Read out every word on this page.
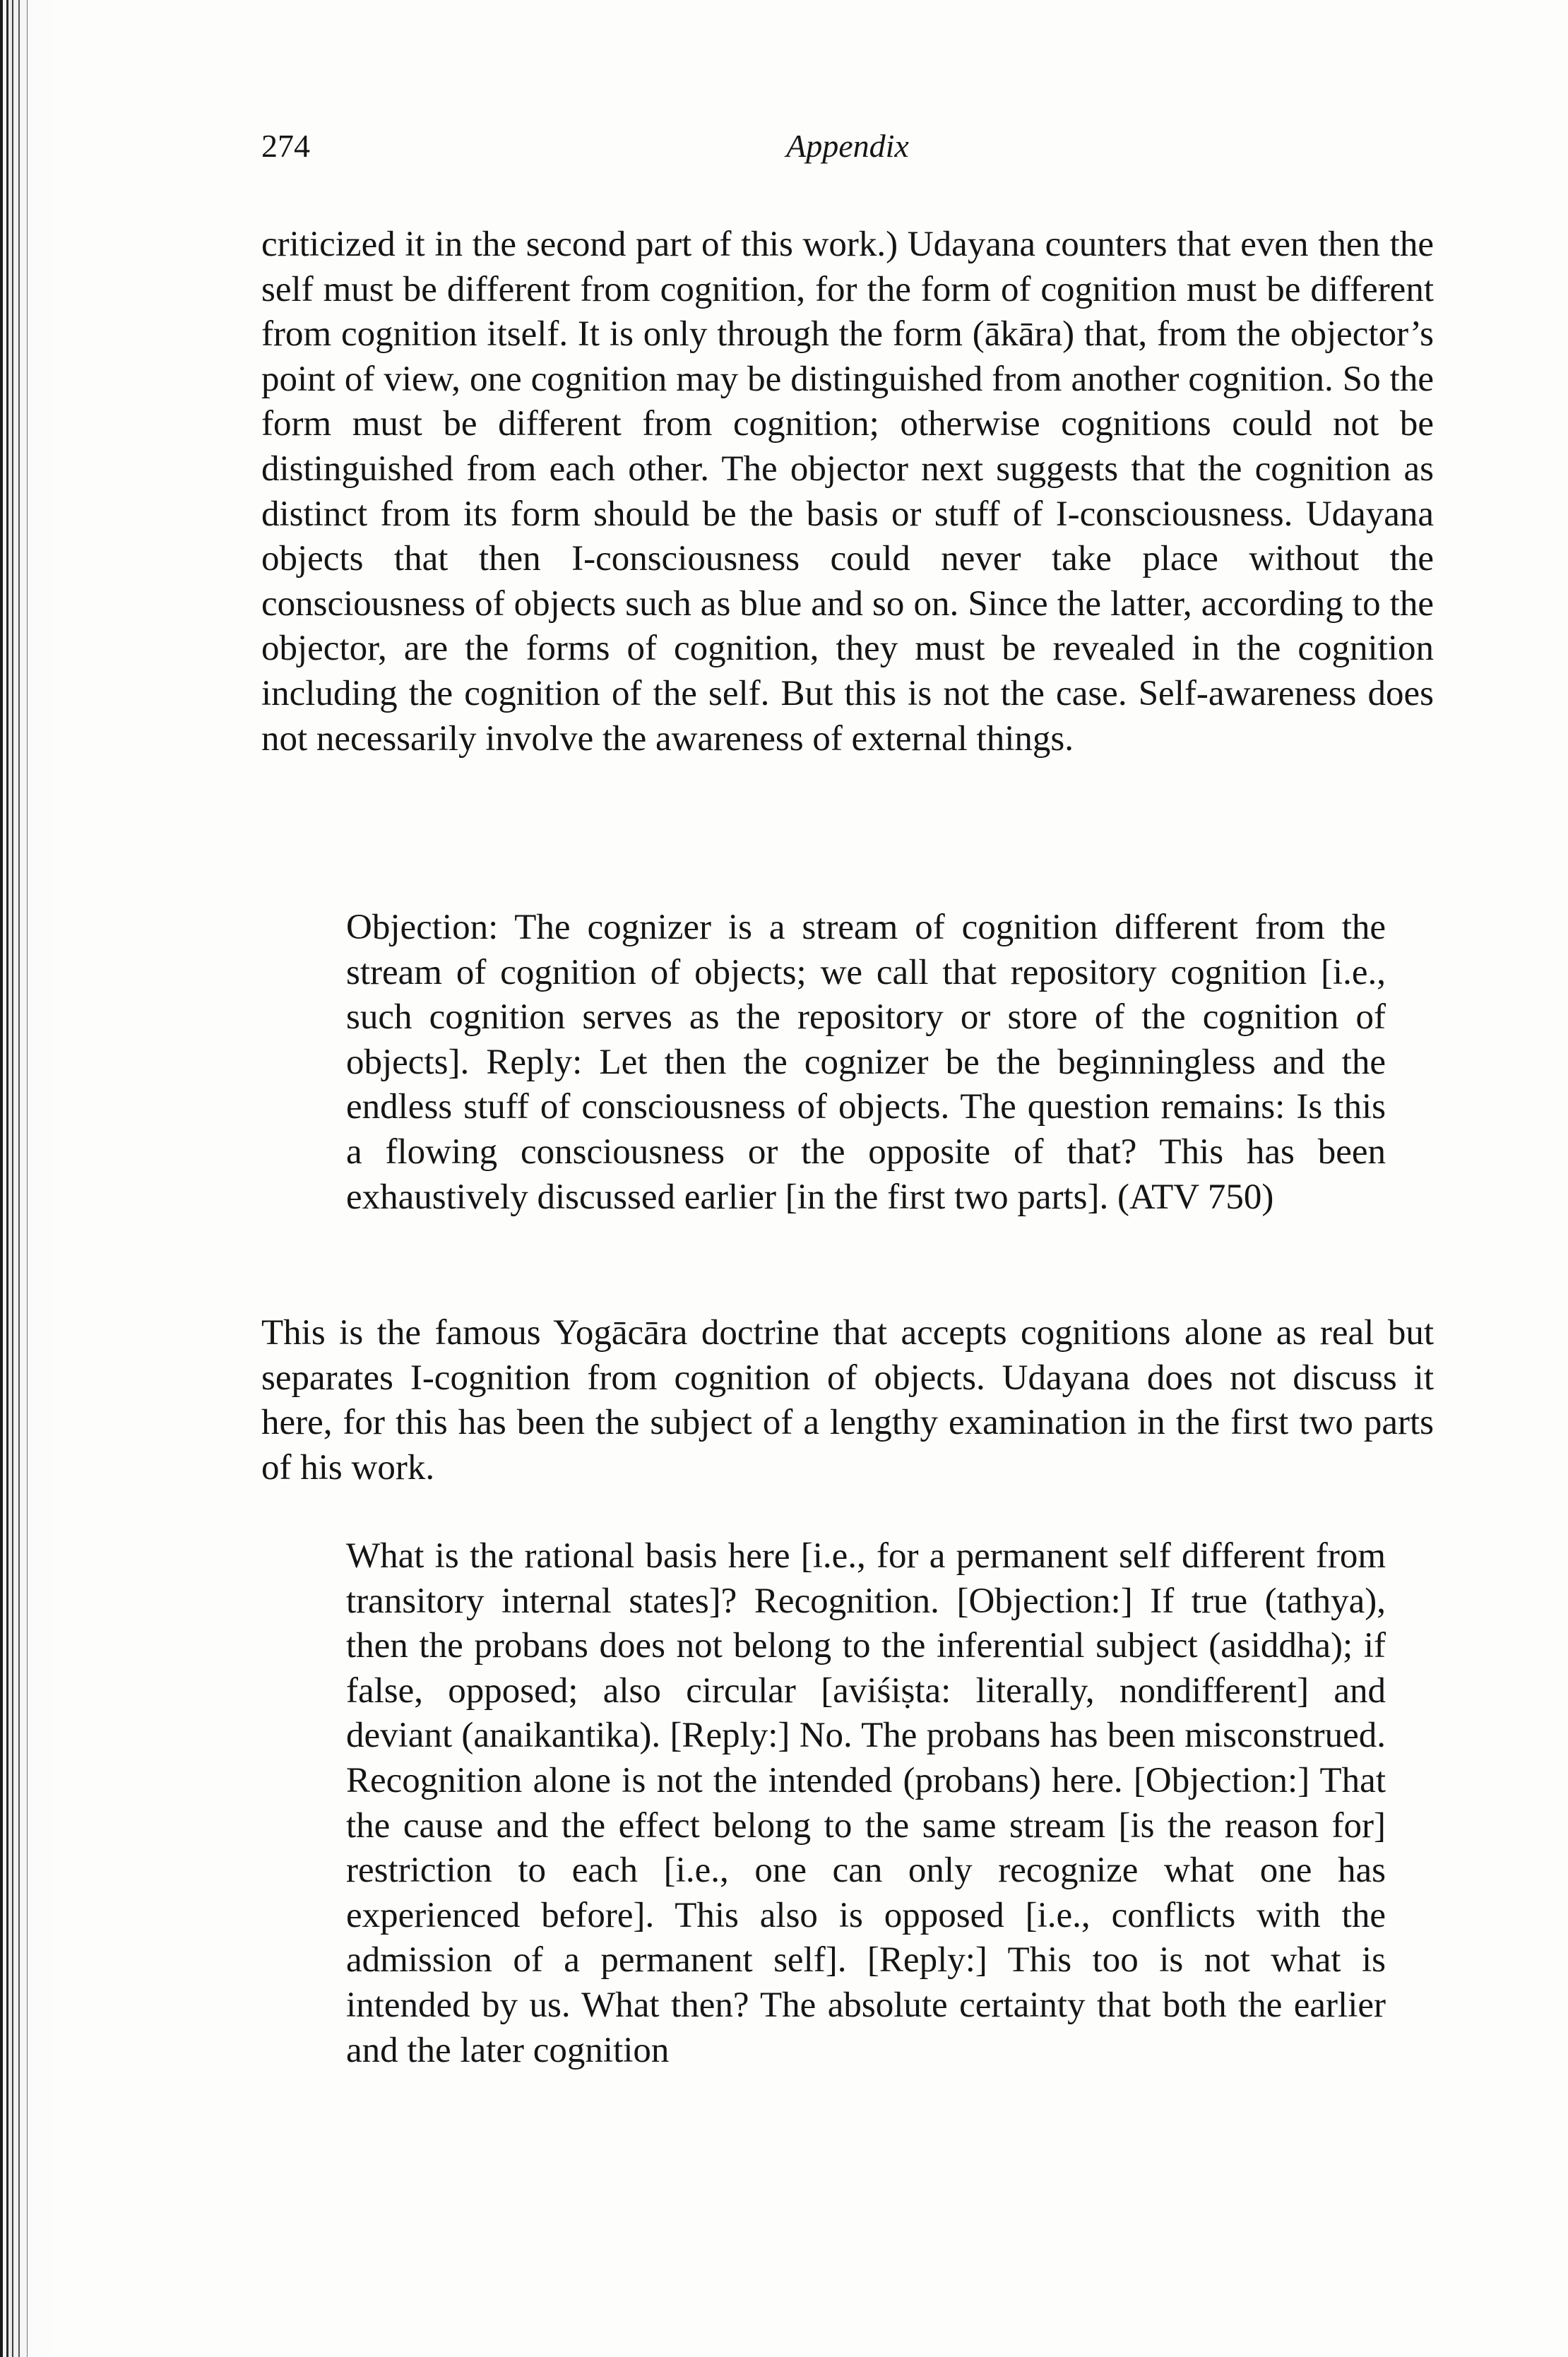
274	Appendix

criticized it in the second part of this work.) Udayana counters that even then the self must be different from cognition, for the form of cognition must be different from cognition itself. It is only through the form (ākāra) that, from the objector’s point of view, one cognition may be distinguished from another cognition. So the form must be different from cognition; otherwise cognitions could not be distinguished from each other. The objector next suggests that the cognition as distinct from its form should be the basis or stuff of I-consciousness. Udayana objects that then I-consciousness could never take place without the consciousness of objects such as blue and so on. Since the latter, according to the objector, are the forms of cognition, they must be revealed in the cognition including the cognition of the self. But this is not the case. Self-awareness does not necessarily involve the awareness of external things.

Objection: The cognizer is a stream of cognition different from the stream of cognition of objects; we call that repository cognition [i.e., such cognition serves as the repository or store of the cognition of objects]. Reply: Let then the cognizer be the beginningless and the endless stuff of consciousness of objects. The question remains: Is this a flowing consciousness or the opposite of that? This has been exhaustively discussed earlier [in the first two parts]. (ATV 750)

This is the famous Yogācāra doctrine that accepts cognitions alone as real but separates I-cognition from cognition of objects. Udayana does not discuss it here, for this has been the subject of a lengthy examination in the first two parts of his work.

What is the rational basis here [i.e., for a permanent self different from transitory internal states]? Recognition. [Objection:] If true (tathya), then the probans does not belong to the inferential subject (asiddha); if false, opposed; also circular [aviśiṣta: literally, nondifferent] and deviant (anaikantika). [Reply:] No. The probans has been misconstrued. Recognition alone is not the intended (probans) here. [Objection:] That the cause and the effect belong to the same stream [is the reason for] restriction to each [i.e., one can only recognize what one has experienced before]. This also is opposed [i.e., conflicts with the admission of a permanent self]. [Reply:] This too is not what is intended by us. What then? The absolute certainty that both the earlier and the later cognition
